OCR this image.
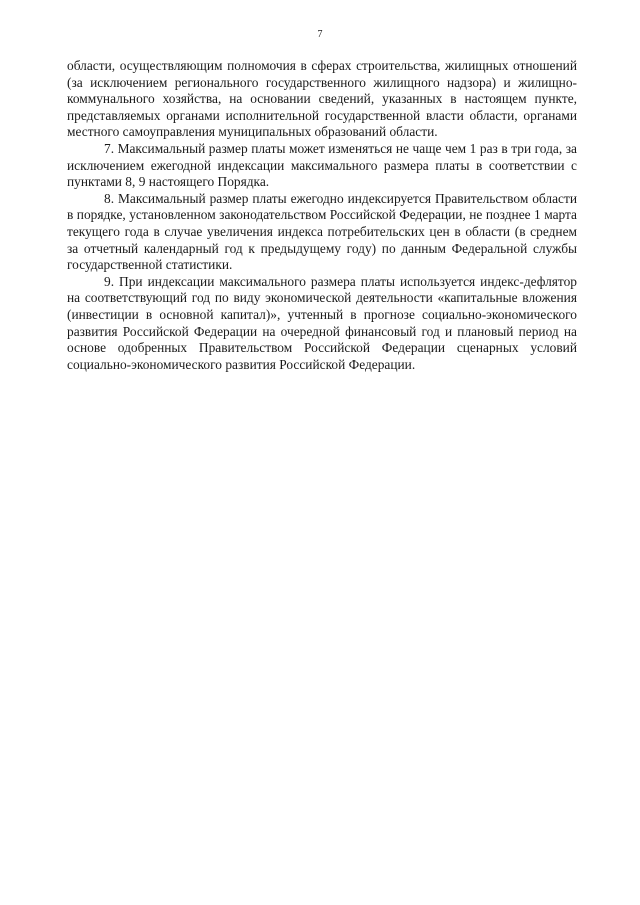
7

области, осуществляющим полномочия в сферах строительства, жилищных отношений (за исключением регионального государственного жилищного надзора) и жилищно-коммунального хозяйства, на основании сведений, указанных в настоящем пункте, представляемых органами исполнительной государственной власти области, органами местного самоуправления муниципальных образований области.

7. Максимальный размер платы может изменяться не чаще чем 1 раз в три года, за исключением ежегодной индексации максимального размера платы в соответствии с пунктами 8, 9 настоящего Порядка.

8. Максимальный размер платы ежегодно индексируется Правительством области в порядке, установленном законодательством Российской Федерации, не позднее 1 марта текущего года в случае увеличения индекса потребительских цен в области (в среднем за отчетный календарный год к предыдущему году) по данным Федеральной службы государственной статистики.

9. При индексации максимального размера платы используется индекс-дефлятор на соответствующий год по виду экономической деятельности «капитальные вложения (инвестиции в основной капитал)», учтенный в прогнозе социально-экономического развития Российской Федерации на очередной финансовый год и плановый период на основе одобренных Правительством Российской Федерации сценарных условий социально-экономического развития Российской Федерации.
